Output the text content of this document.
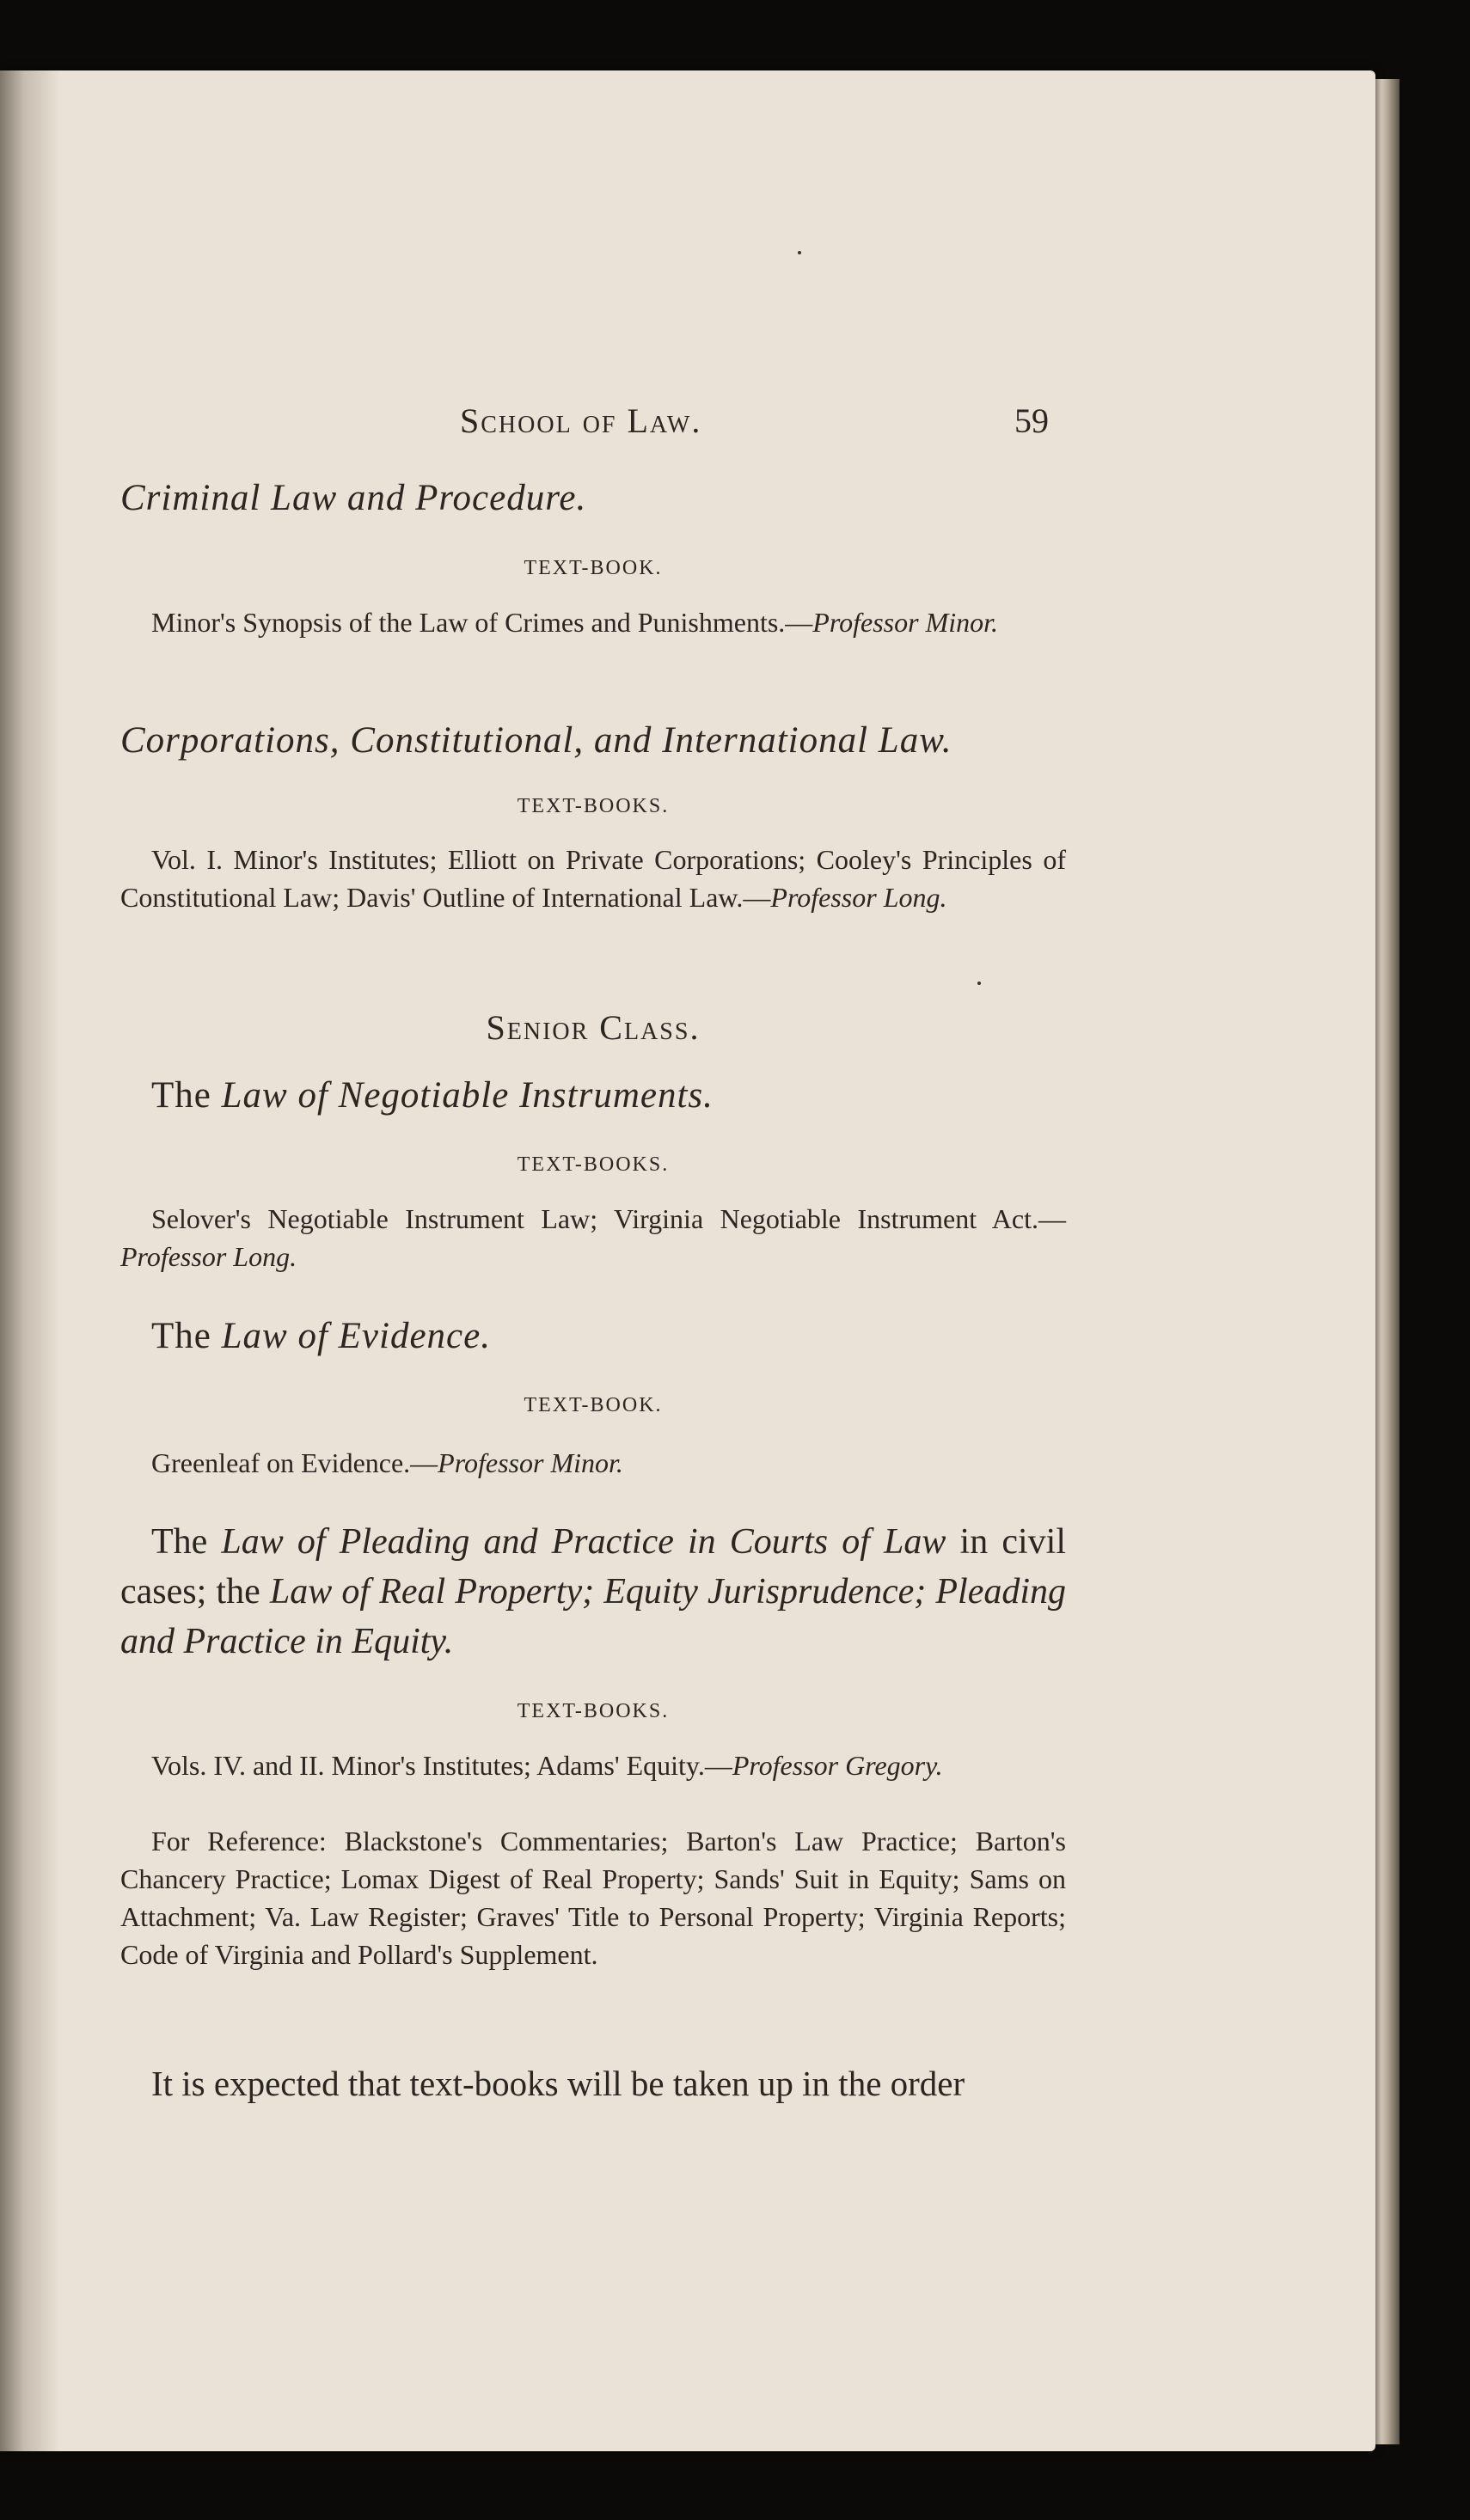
School of Law.	59

Criminal Law and Procedure.

TEXT-BOOK.

Minor's Synopsis of the Law of Crimes and Punishments.—Professor Minor.

Corporations, Constitutional, and International Law.

TEXT-BOOKS.

Vol. I. Minor's Institutes; Elliott on Private Corporations; Cooley's Principles of Constitutional Law; Davis' Outline of International Law.—Professor Long.

Senior Class.

The Law of Negotiable Instruments.

TEXT-BOOKS.

Selover's Negotiable Instrument Law; Virginia Negotiable Instrument Act.—Professor Long.

The Law of Evidence.

TEXT-BOOK.

Greenleaf on Evidence.—Professor Minor.

The Law of Pleading and Practice in Courts of Law in civil cases; the Law of Real Property; Equity Jurisprudence; Pleading and Practice in Equity.

TEXT-BOOKS.

Vols. IV. and II. Minor's Institutes; Adams' Equity.—Professor Gregory.

For Reference: Blackstone's Commentaries; Barton's Law Practice; Barton's Chancery Practice; Lomax Digest of Real Property; Sands' Suit in Equity; Sams on Attachment; Va. Law Register; Graves' Title to Personal Property; Virginia Reports; Code of Virginia and Pollard's Supplement.

It is expected that text-books will be taken up in the order
